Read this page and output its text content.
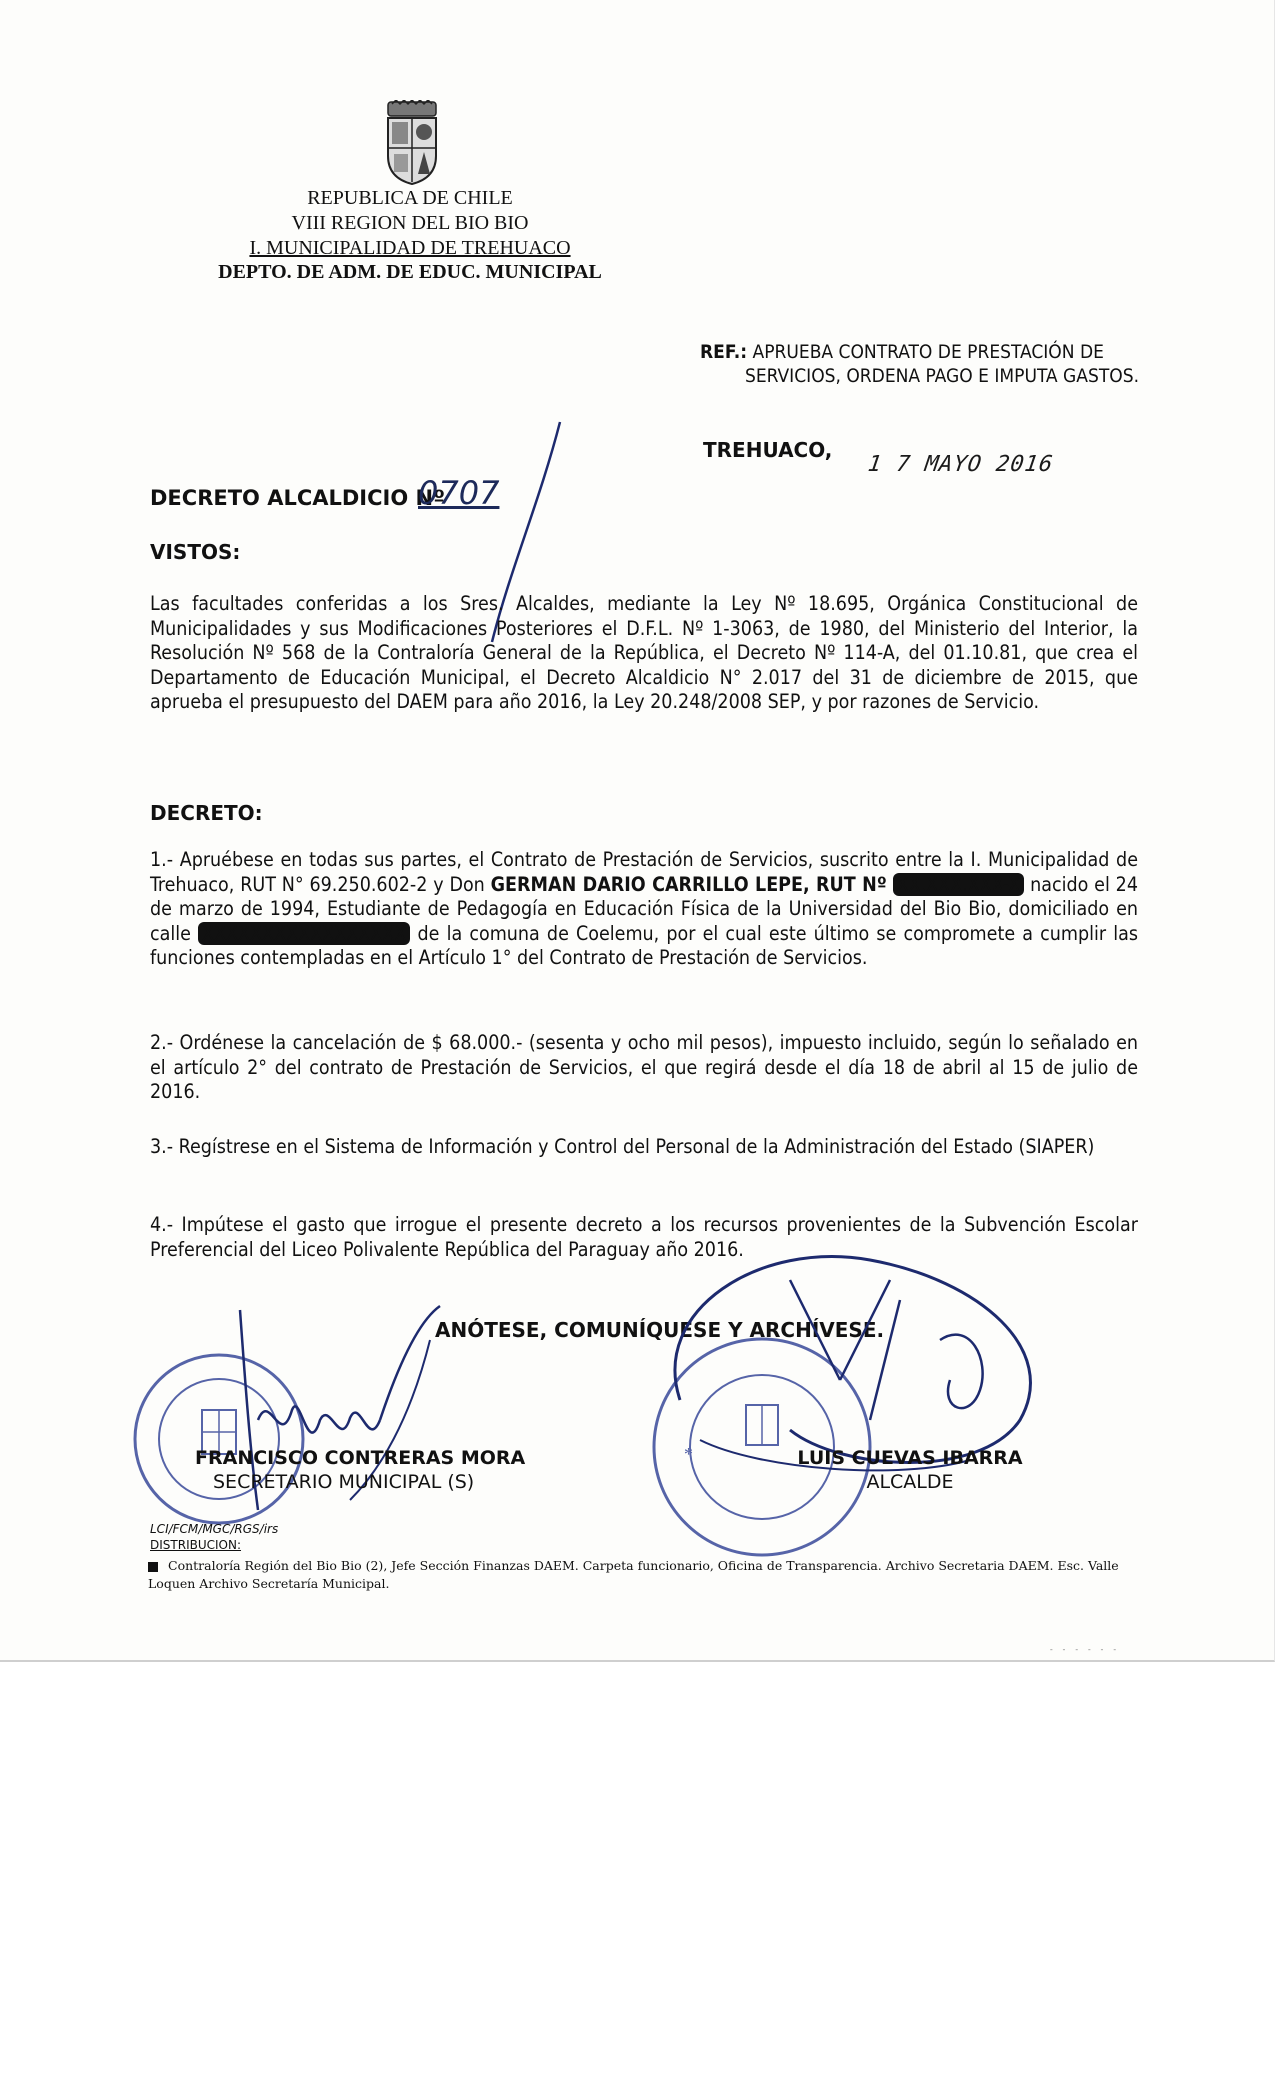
REPUBLICA DE CHILE
VIII REGION DEL BIO BIO
I. MUNICIPALIDAD DE TREHUACO
DEPTO. DE ADM. DE EDUC. MUNICIPAL
REF.: APRUEBA CONTRATO DE PRESTACIÓN DE
SERVICIOS, ORDENA PAGO E IMPUTA GASTOS.
TREHUACO,
1 7 MAYO 2016
DECRETO ALCALDICIO Nº
0707
VISTOS:
Las facultades conferidas a los Sres. Alcaldes, mediante la Ley Nº 18.695, Orgánica Constitucional de Municipalidades y sus Modificaciones Posteriores el D.F.L. Nº 1-3063, de 1980, del Ministerio del Interior, la Resolución Nº 568 de la Contraloría General de la República, el Decreto Nº 114-A, del 01.10.81, que crea el Departamento de Educación Municipal, el Decreto Alcaldicio N° 2.017 del 31 de diciembre de 2015, que aprueba el presupuesto del DAEM para año 2016, la Ley 20.248/2008 SEP, y por razones de Servicio.
DECRETO:
1.- Apruébese en todas sus partes, el Contrato de Prestación de Servicios, suscrito entre la I. Municipalidad de Trehuaco, RUT N° 69.250.602-2 y Don GERMAN DARIO CARRILLO LEPE, RUT Nº XX.XXX.XXX-X nacido el 24 de marzo de 1994, Estudiante de Pedagogía en Educación Física de la Universidad del Bio Bio, domiciliado en calle XXXXXXXXXXXXXXXXX de la comuna de Coelemu, por el cual este último se compromete a cumplir las funciones contempladas en el Artículo 1° del Contrato de Prestación de Servicios.
2.- Ordénese la cancelación de $ 68.000.- (sesenta y ocho mil pesos), impuesto incluido, según lo señalado en el artículo 2° del contrato de Prestación de Servicios, el que regirá desde el día 18 de abril al 15 de julio de 2016.
3.- Regístrese en el Sistema de Información y Control del Personal de la Administración del Estado (SIAPER)
4.- Impútese el gasto que irrogue el presente decreto a los recursos provenientes de la Subvención Escolar Preferencial del Liceo Polivalente República del Paraguay año 2016.
ANÓTESE, COMUNÍQUESE Y ARCHÍVESE.
*
FRANCISCO CONTRERAS MORA
SECRETARIO MUNICIPAL (S)
LUIS CUEVAS IBARRA
ALCALDE
LCI/FCM/MGC/RGS/irs
DISTRIBUCION:
Contraloría Región del Bio Bio (2), Jefe Sección Finanzas DAEM. Carpeta funcionario, Oficina de Transparencia. Archivo Secretaria DAEM. Esc. Valle Loquen Archivo Secretaría Municipal.
- - - - - -
